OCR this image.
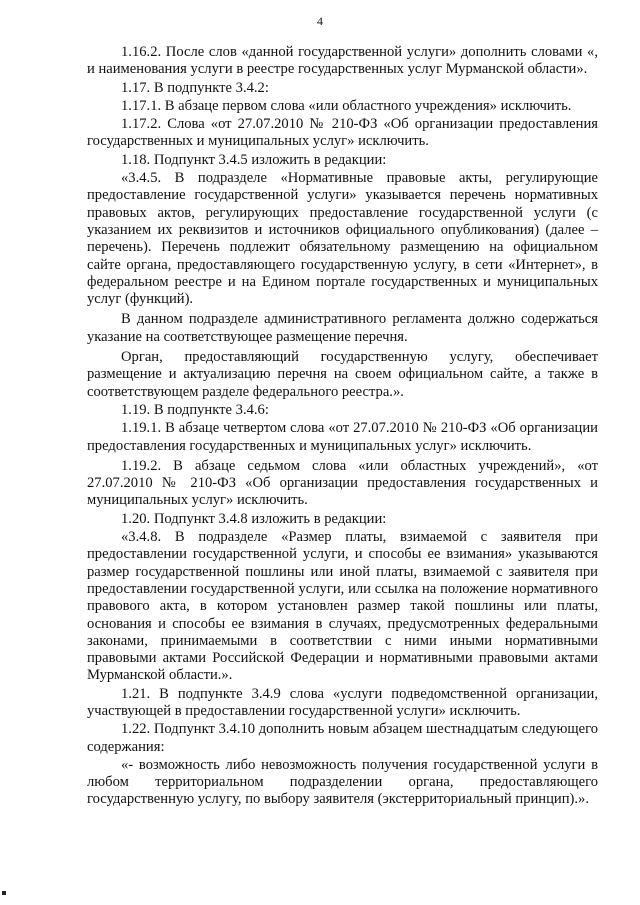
4

1.16.2. После слов «данной государственной услуги» дополнить словами «, и наименования услуги в реестре государственных услуг Мурманской области».

1.17. В подпункте 3.4.2:

1.17.1. В абзаце первом слова «или областного учреждения» исключить.

1.17.2. Слова «от 27.07.2010 № 210-ФЗ «Об организации предоставления государственных и муниципальных услуг» исключить.

1.18. Подпункт 3.4.5 изложить в редакции:

«3.4.5. В подразделе «Нормативные правовые акты, регулирующие предоставление государственной услуги» указывается перечень нормативных правовых актов, регулирующих предоставление государственной услуги (с указанием их реквизитов и источников официального опубликования) (далее – перечень). Перечень подлежит обязательному размещению на официальном сайте органа, предоставляющего государственную услугу, в сети «Интернет», в федеральном реестре и на Едином портале государственных и муниципальных услуг (функций).

В данном подразделе административного регламента должно содержаться указание на соответствующее размещение перечня.

Орган, предоставляющий государственную услугу, обеспечивает размещение и актуализацию перечня на своем официальном сайте, а также в соответствующем разделе федерального реестра.».

1.19. В подпункте 3.4.6:

1.19.1. В абзаце четвертом слова «от 27.07.2010 № 210-ФЗ «Об организации предоставления государственных и муниципальных услуг» исключить.

1.19.2. В абзаце седьмом слова «или областных учреждений», «от 27.07.2010 № 210-ФЗ «Об организации предоставления государственных и муниципальных услуг» исключить.

1.20. Подпункт 3.4.8 изложить в редакции:

«3.4.8. В подразделе «Размер платы, взимаемой с заявителя при предоставлении государственной услуги, и способы ее взимания» указываются размер государственной пошлины или иной платы, взимаемой с заявителя при предоставлении государственной услуги, или ссылка на положение нормативного правового акта, в котором установлен размер такой пошлины или платы, основания и способы ее взимания в случаях, предусмотренных федеральными законами, принимаемыми в соответствии с ними иными нормативными правовыми актами Российской Федерации и нормативными правовыми актами Мурманской области.».

1.21. В подпункте 3.4.9 слова «услуги подведомственной организации, участвующей в предоставлении государственной услуги» исключить.

1.22. Подпункт 3.4.10 дополнить новым абзацем шестнадцатым следующего содержания:

«- возможность либо невозможность получения государственной услуги в любом территориальном подразделении органа, предоставляющего государственную услугу, по выбору заявителя (экстерриториальный принцип).».
